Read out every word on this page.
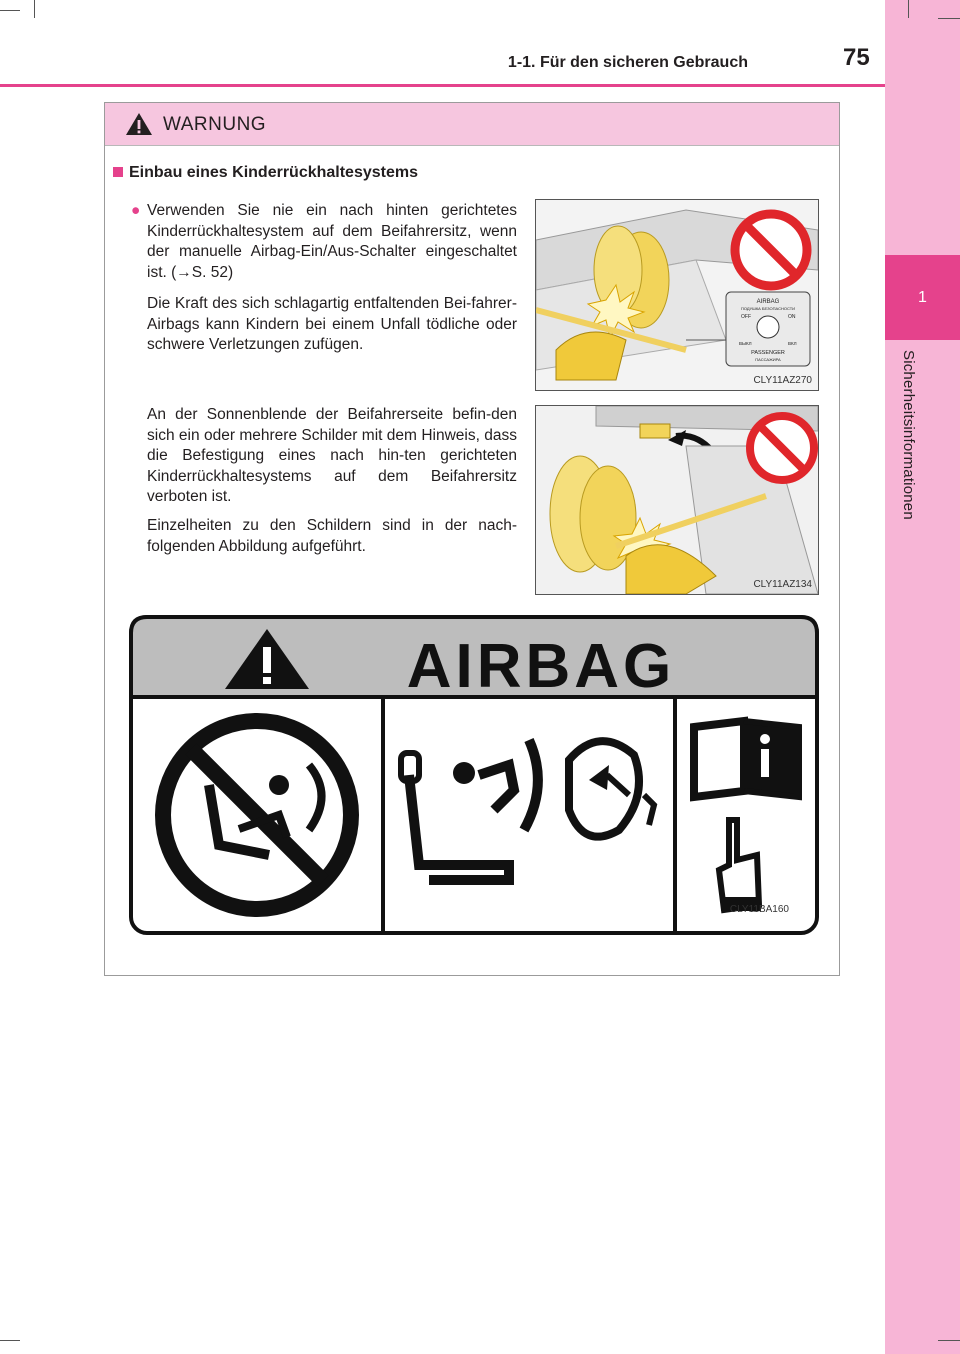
1
Sicherheitsinformationen
1-1. Für den sicheren Gebrauch	75
WARNUNG
Einbau eines Kinderrückhaltesystems
● Verwenden Sie nie ein nach hinten gerichtetes Kinderrückhaltesystem auf dem Beifahrersitz, wenn der manuelle Airbag-Ein/Aus-Schalter eingeschaltet ist. (→S. 52)
Die Kraft des sich schlagartig entfaltenden Bei-fahrer-Airbags kann Kindern bei einem Unfall tödliche oder schwere Verletzungen zufügen.
An der Sonnenblende der Beifahrerseite befin-den sich ein oder mehrere Schilder mit dem Hinweis, dass die Befestigung eines nach hin-ten gerichteten Kinderrückhaltesystems auf dem Beifahrersitz verboten ist.
Einzelheiten zu den Schildern sind in der nach-folgenden Abbildung aufgeführt.
AIRBAG
ПОДУШКА БЕЗОПАСНОСТИ
OFF	ON
ВЫКЛ	ВКЛ
PASSENGER
ПАССАЖИРА
CLY11AZ270
CLY11AZ134
AIRBAG
CLY11BA160
